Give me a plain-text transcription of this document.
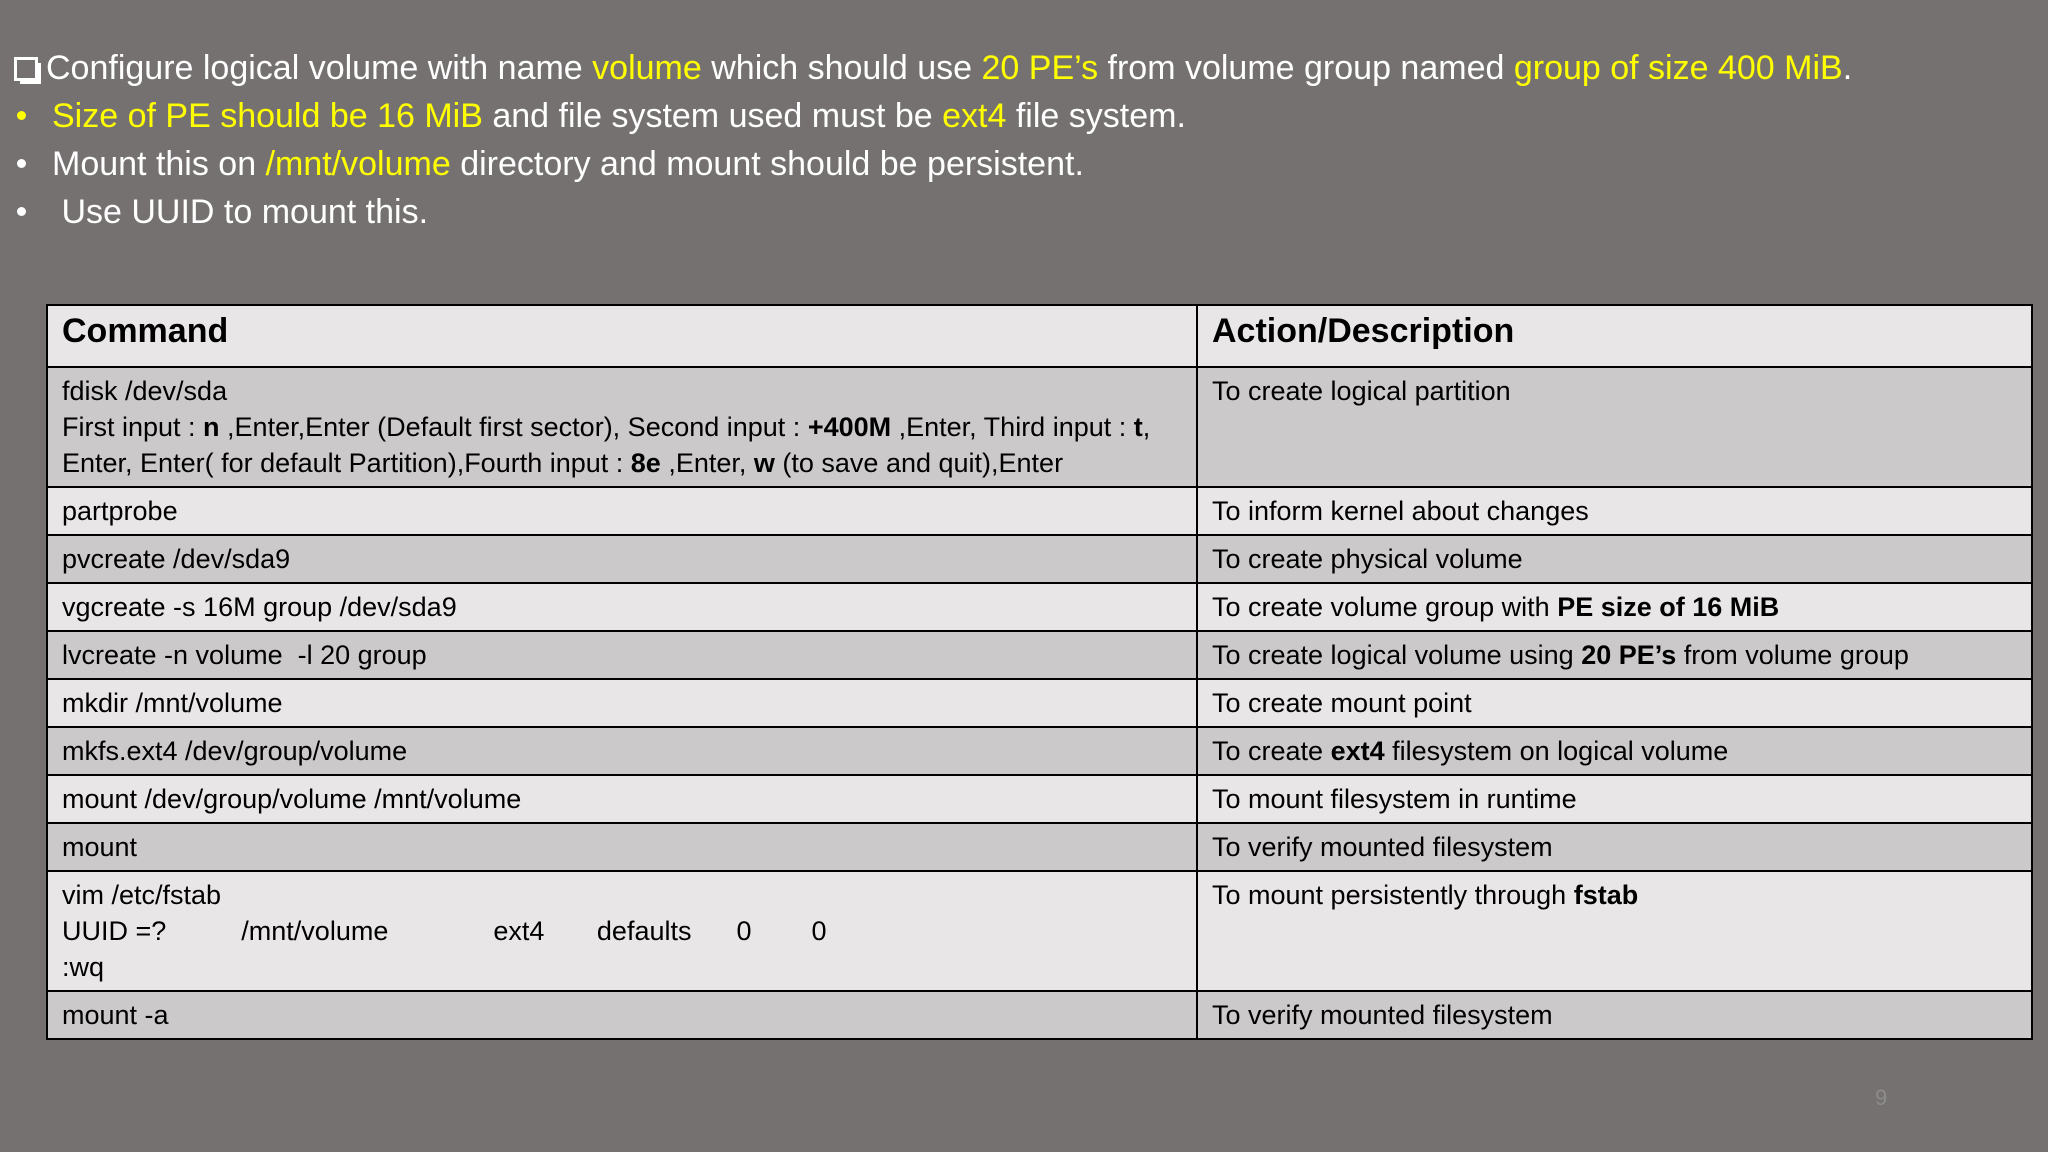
Configure logical volume with name volume which should use 20 PE’s from volume group named group of size 400 MiB.
Size of PE should be 16 MiB and file system used must be ext4 file system.
Mount this on /mnt/volume directory and mount should be persistent.
Use UUID to mount this.
Command	Action/Description
fdisk /dev/sda
First input : n ,Enter,Enter (Default first sector), Second input : +400M ,Enter, Third input : t,
Enter, Enter( for default Partition),Fourth input : 8e ,Enter, w (to save and quit),Enter	To create logical partition
partprobe	To inform kernel about changes
pvcreate /dev/sda9	To create physical volume
vgcreate -s 16M group /dev/sda9	To create volume group with PE size of 16 MiB
lvcreate -n volume  -l 20 group	To create logical volume using 20 PE’s from volume group
mkdir /mnt/volume	To create mount point
mkfs.ext4 /dev/group/volume	To create ext4 filesystem on logical volume
mount /dev/group/volume /mnt/volume	To mount filesystem in runtime
mount	To verify mounted filesystem
vim /etc/fstab
UUID =?          /mnt/volume              ext4       defaults      0        0
:wq	To mount persistently through fstab
mount -a	To verify mounted filesystem
9
